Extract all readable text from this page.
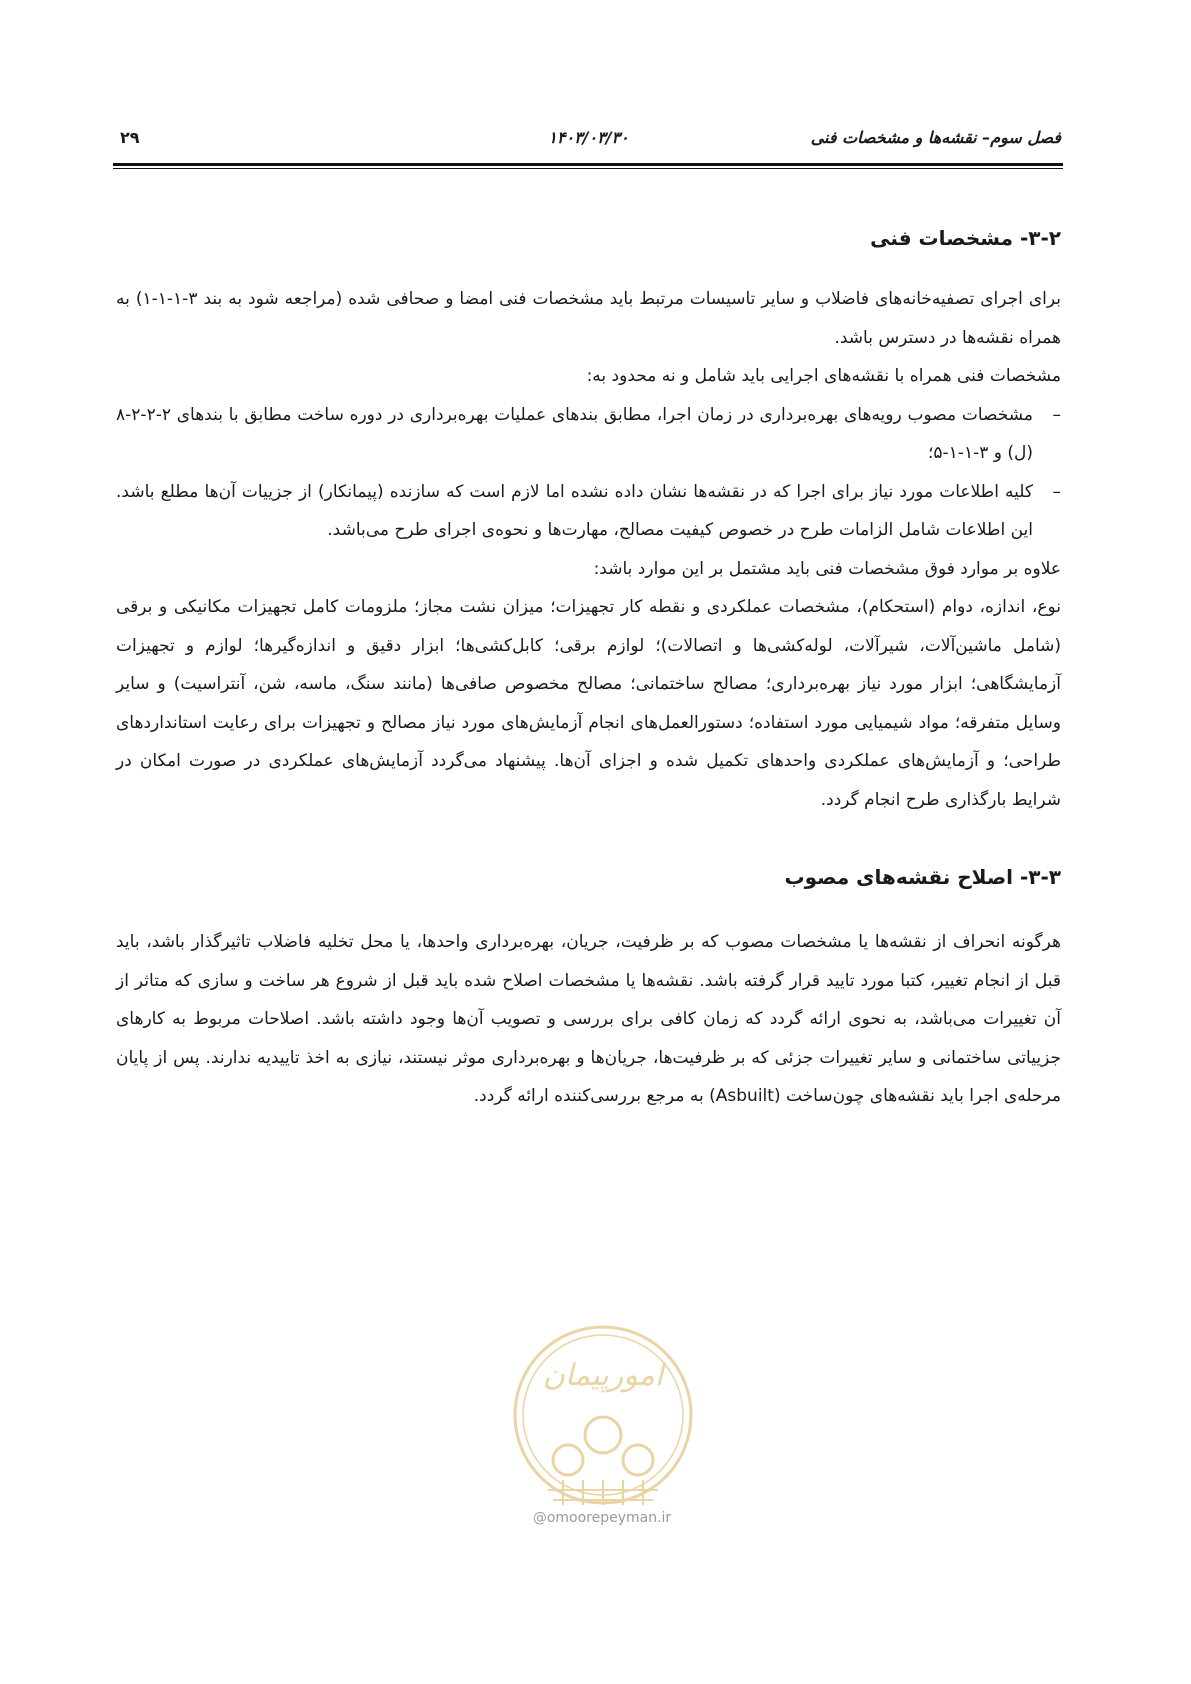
فصل سوم– نقشه‌ها و مشخصات فنی
۱۴۰۳/۰۳/۳۰
۲۹
۳-۲- مشخصات فنی

برای اجرای تصفیه‌خانه‌های فاضلاب و سایر تاسیسات مرتبط باید مشخصات فنی امضا و صحافی شده (مراجعه شود به بند ۳-۱-۱-۱) به همراه نقشه‌ها در دسترس باشد.

مشخصات فنی همراه با نقشه‌های اجرایی باید شامل و نه محدود به:

–
مشخصات مصوب رویه‌های بهره‌برداری در زمان اجرا، مطابق بندهای عملیات بهره‌برداری در دوره ساخت مطابق با بندهای ۲-۲-۲-۸ (ل) و ۳-۱-۱-۵؛
–
کلیه اطلاعات مورد نیاز برای اجرا که در نقشه‌ها نشان داده نشده اما لازم است که سازنده (پیمانکار) از جزییات آن‌ها مطلع باشد. این اطلاعات شامل الزامات طرح در خصوص کیفیت مصالح، مهارت‌ها و نحوه‌ی اجرای طرح می‌باشد.

علاوه بر موارد فوق مشخصات فنی باید مشتمل بر این موارد باشد:

نوع، اندازه، دوام (استحکام)، مشخصات عملکردی و نقطه کار تجهیزات؛ میزان نشت مجاز؛ ملزومات کامل تجهیزات مکانیکی و برقی (شامل ماشین‌آلات، شیرآلات، لوله‌کشی‌ها و اتصالات)؛ لوازم برقی؛ کابل‌کشی‌ها؛ ابزار دقیق و اندازه‌گیرها؛ لوازم و تجهیزات آزمایشگاهی؛ ابزار مورد نیاز بهره‌برداری؛ مصالح ساختمانی؛ مصالح مخصوص صافی‌ها (مانند سنگ، ماسه، شن، آنتراسیت) و سایر وسایل متفرقه؛ مواد شیمیایی مورد استفاده؛ دستورالعمل‌های انجام آزمایش‌های مورد نیاز مصالح و تجهیزات برای رعایت استانداردهای طراحی؛ و آزمایش‌های عملکردی واحدهای تکمیل شده و اجزای آن‌ها. پیشنهاد می‌گردد آزمایش‌های عملکردی در صورت امکان در شرایط بارگذاری طرح انجام گردد.

۳-۳- اصلاح نقشه‌های مصوب

هرگونه انحراف از نقشه‌ها یا مشخصات مصوب که بر ظرفیت، جریان، بهره‌برداری واحدها، یا محل تخلیه فاضلاب تاثیرگذار باشد، باید قبل از انجام تغییر، کتبا مورد تایید قرار گرفته باشد. نقشه‌ها یا مشخصات اصلاح شده باید قبل از شروع هر ساخت و سازی که متاثر از آن تغییرات می‌باشد، به نحوی ارائه گردد که زمان کافی برای بررسی و تصویب آن‌ها وجود داشته باشد. اصلاحات مربوط به کارهای جزییاتی ساختمانی و سایر تغییرات جزئی که بر ظرفیت‌ها، جریان‌ها و بهره‌برداری موثر نیستند، نیازی به اخذ تاییدیه ندارند. پس از پایان مرحله‌ی اجرا باید نقشه‌های چون‌ساخت (Asbuilt) به مرجع بررسی‌کننده ارائه گردد.

امورپیمان
@omoorepeyman.ir
